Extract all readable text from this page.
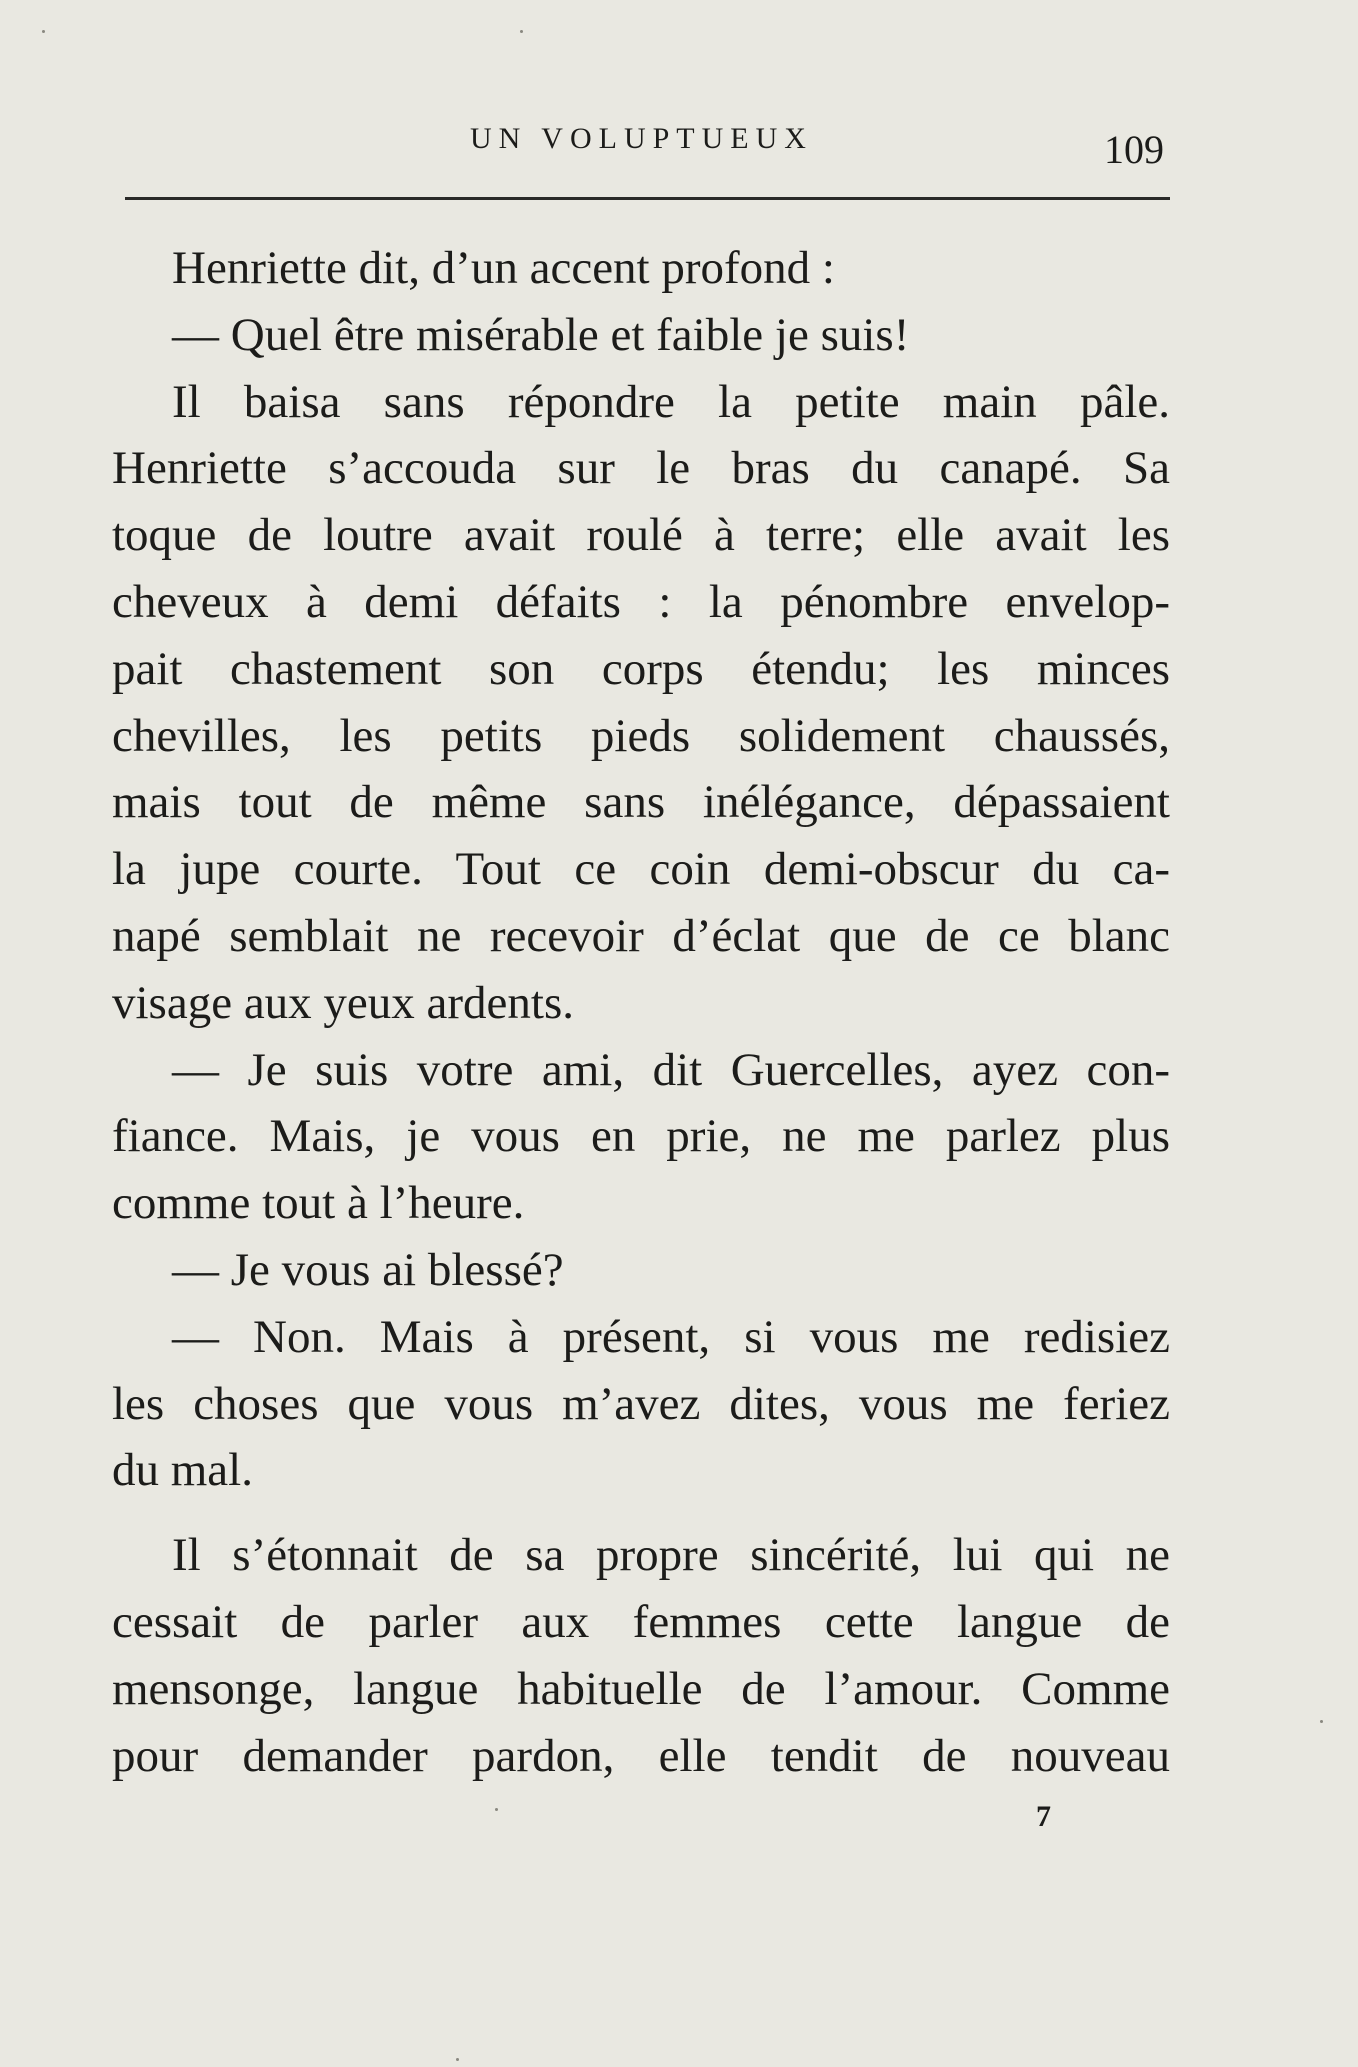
UN VOLUPTUEUX	109
Henriette dit, d’un accent profond :
— Quel être misérable et faible je suis!
Il baisa sans répondre la petite main pâle.
Henriette s’accouda sur le bras du canapé. Sa
toque de loutre avait roulé à terre; elle avait les
cheveux à demi défaits : la pénombre envelop-
pait chastement son corps étendu; les minces
chevilles, les petits pieds solidement chaussés,
mais tout de même sans inélégance, dépassaient
la jupe courte. Tout ce coin demi-obscur du ca-
napé semblait ne recevoir d’éclat que de ce blanc
visage aux yeux ardents.
— Je suis votre ami, dit Guercelles, ayez con-
fiance. Mais, je vous en prie, ne me parlez plus
comme tout à l’heure.
— Je vous ai blessé?
— Non. Mais à présent, si vous me redisiez
les choses que vous m’avez dites, vous me feriez
du mal.
Il s’étonnait de sa propre sincérité, lui qui ne
cessait de parler aux femmes cette langue de
mensonge, langue habituelle de l’amour. Comme
pour demander pardon, elle tendit de nouveau
7
